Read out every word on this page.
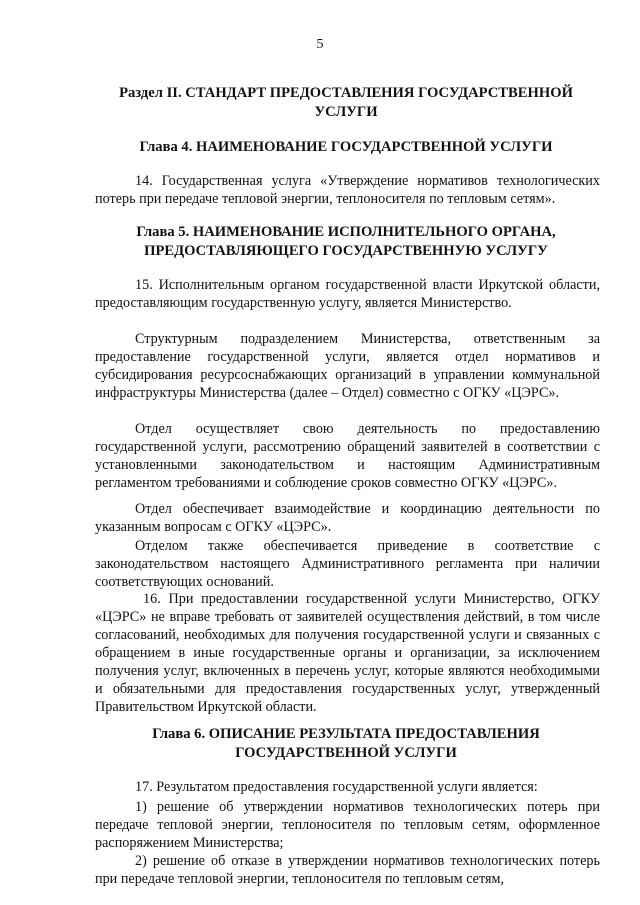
5
Раздел II. СТАНДАРТ ПРЕДОСТАВЛЕНИЯ ГОСУДАРСТВЕННОЙ УСЛУГИ
Глава 4. НАИМЕНОВАНИЕ ГОСУДАРСТВЕННОЙ УСЛУГИ
14. Государственная услуга «Утверждение нормативов технологических потерь при передаче тепловой энергии, теплоносителя по тепловым сетям».
Глава 5. НАИМЕНОВАНИЕ ИСПОЛНИТЕЛЬНОГО ОРГАНА, ПРЕДОСТАВЛЯЮЩЕГО ГОСУДАРСТВЕННУЮ УСЛУГУ
15. Исполнительным органом государственной власти Иркутской области, предоставляющим государственную услугу, является Министерство.
Структурным подразделением Министерства, ответственным за предоставление государственной услуги, является отдел нормативов и субсидирования ресурсоснабжающих организаций в управлении коммунальной инфраструктуры Министерства (далее – Отдел) совместно с ОГКУ «ЦЭРС».
Отдел осуществляет свою деятельность по предоставлению государственной услуги, рассмотрению обращений заявителей в соответствии с установленными законодательством и настоящим Административным регламентом требованиями и соблюдение сроков совместно ОГКУ «ЦЭРС».
Отдел обеспечивает взаимодействие и координацию деятельности по указанным вопросам с ОГКУ «ЦЭРС».
Отделом также обеспечивается приведение в соответствие с законодательством настоящего Административного регламента при наличии соответствующих оснований.
16. При предоставлении государственной услуги Министерство, ОГКУ «ЦЭРС» не вправе требовать от заявителей осуществления действий, в том числе согласований, необходимых для получения государственной услуги и связанных с обращением в иные государственные органы и организации, за исключением получения услуг, включенных в перечень услуг, которые являются необходимыми и обязательными для предоставления государственных услуг, утвержденный Правительством Иркутской области.
Глава 6. ОПИСАНИЕ РЕЗУЛЬТАТА ПРЕДОСТАВЛЕНИЯ ГОСУДАРСТВЕННОЙ УСЛУГИ
17. Результатом предоставления государственной услуги является:
1) решение об утверждении нормативов технологических потерь при передаче тепловой энергии, теплоносителя по тепловым сетям, оформленное распоряжением Министерства;
2) решение об отказе в утверждении нормативов технологических потерь при передаче тепловой энергии, теплоносителя по тепловым сетям,
